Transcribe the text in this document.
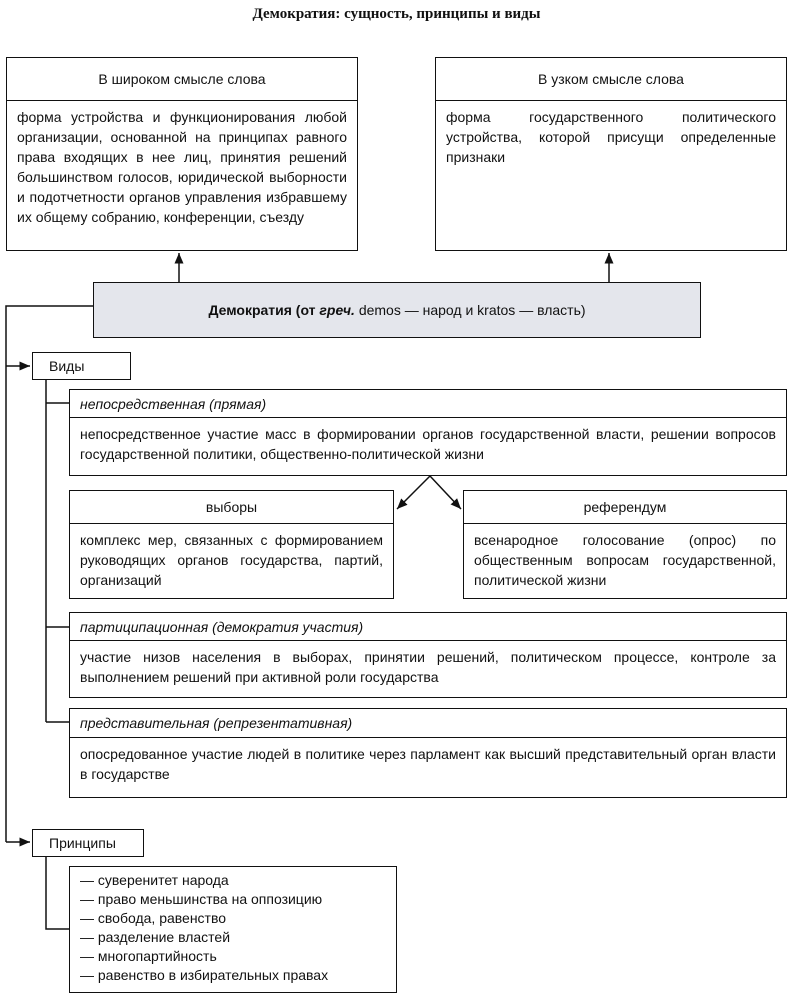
Демократия: сущность, принципы и виды
В широком смысле слова
форма устройства и функционирования любой организации, основанной на принципах равного права входящих в нее лиц, принятия решений большинством голосов, юридической выборности и подотчетности органов управления избравшему их общему собранию, конференции, съезду
В узком смысле слова
форма государственного политического устройства, которой присущи определенные признаки
Демократия (от греч. demos — народ и kratos — власть)
Виды
непосредственная (прямая)
непосредственное участие масс в формировании органов государственной власти, решении вопросов государственной политики, общественно-политической жизни
выборы
комплекс мер, связанных с формированием руководящих органов государства, партий, организаций
референдум
всенародное голосование (опрос) по общественным вопросам государственной, политической жизни
партиципационная (демократия участия)
участие низов населения в выборах, принятии решений, политическом процессе, контроле за выполнением решений при активной роли государства
представительная (репрезентативная)
опосредованное участие людей в политике через парламент как высший представительный орган власти в государстве
Принципы
— суверенитет народа
— право меньшинства на оппозицию
— свобода, равенство
— разделение властей
— многопартийность
— равенство в избирательных правах
